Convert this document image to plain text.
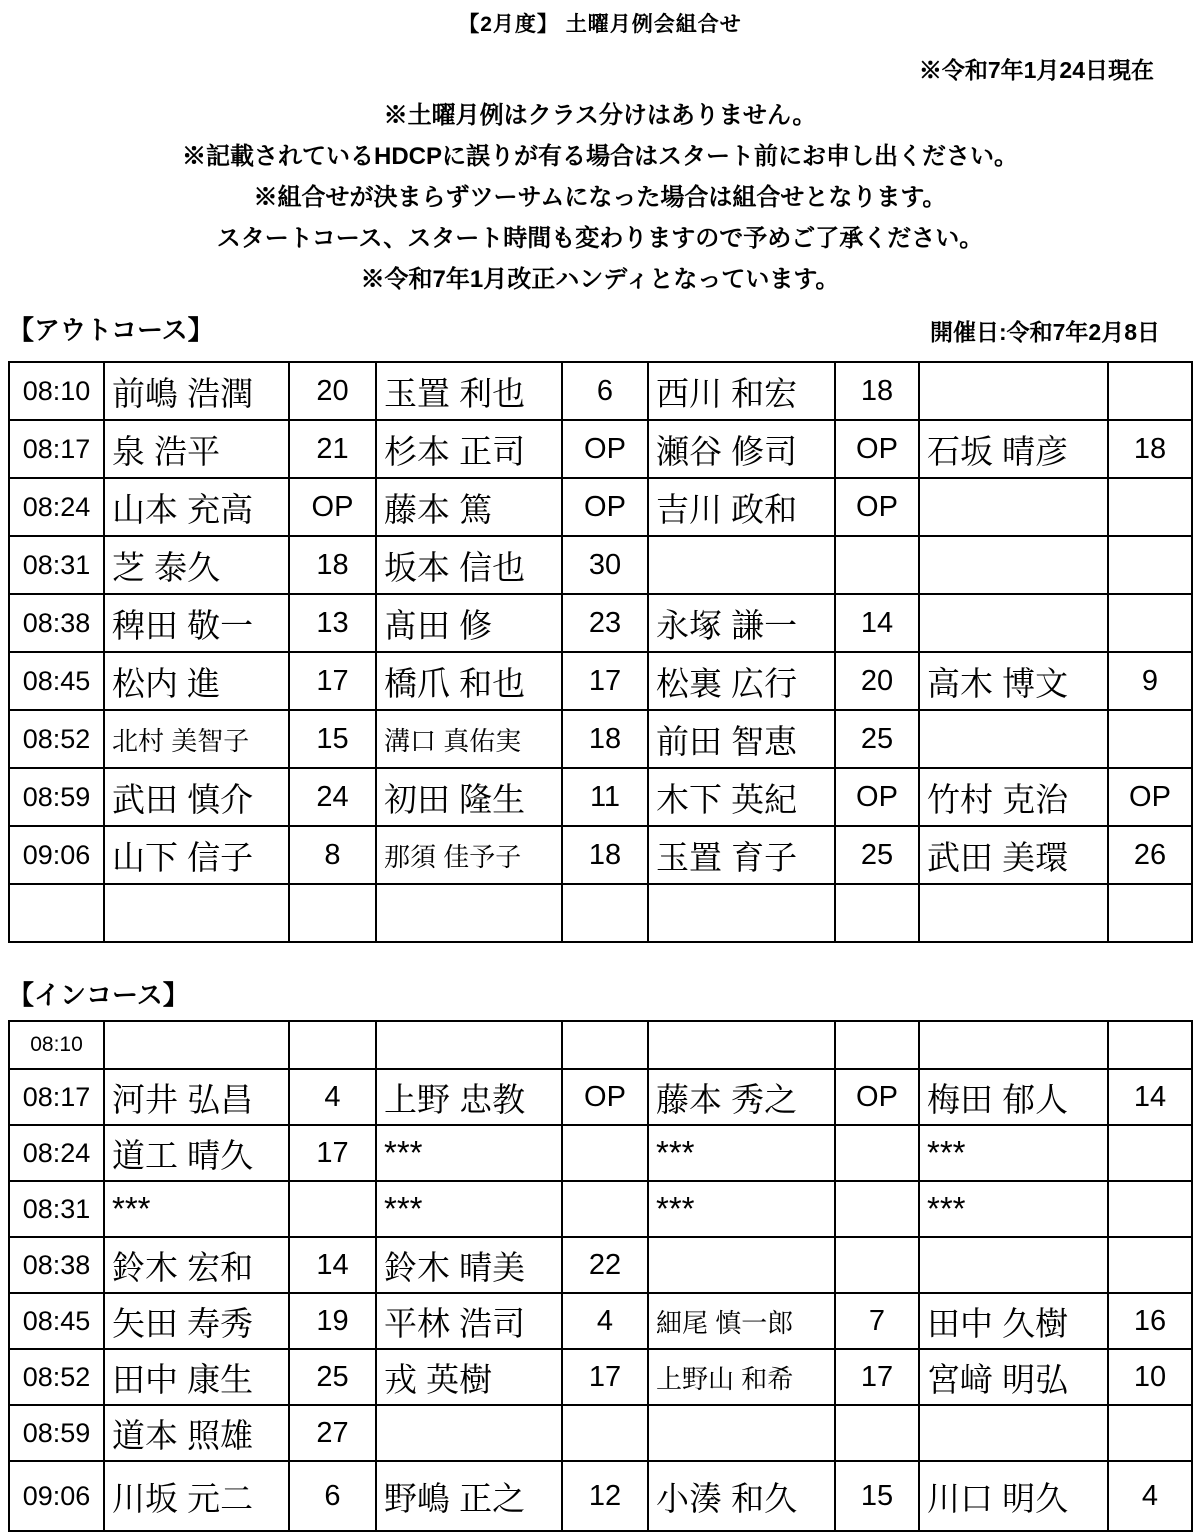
【2月度】 土曜月例会組合せ
※令和7年1月24日現在
※土曜月例はクラス分けはありません。
※記載されているHDCPに誤りが有る場合はスタート前にお申し出ください。
※組合せが決まらずツーサムになった場合は組合せとなります。
スタートコース、スタート時間も変わりますので予めご了承ください。
※令和7年1月改正ハンディとなっています。
【アウトコース】	開催日:令和7年2月8日
08:10	前嶋 浩潤	20	玉置 利也	6	西川 和宏	18		
08:17	泉 浩平	21	杉本 正司	OP	瀬谷 修司	OP	石坂 晴彦	18
08:24	山本 充高	OP	藤本 篤	OP	吉川 政和	OP		
08:31	芝 泰久	18	坂本 信也	30				
08:38	稗田 敬一	13	髙田 修	23	永塚 謙一	14		
08:45	松内 進	17	橋爪 和也	17	松裏 広行	20	高木 博文	9
08:52	北村 美智子	15	溝口 真佑実	18	前田 智恵	25		
08:59	武田 慎介	24	初田 隆生	11	木下 英紀	OP	竹村 克治	OP
09:06	山下 信子	8	那須 佳予子	18	玉置 育子	25	武田 美環	26

【インコース】
08:10								
08:17	河井 弘昌	4	上野 忠教	OP	藤本 秀之	OP	梅田 郁人	14
08:24	道工 晴久	17	***		***		***	
08:31	***		***		***		***	
08:38	鈴木 宏和	14	鈴木 晴美	22				
08:45	矢田 寿秀	19	平林 浩司	4	細尾 慎一郎	7	田中 久樹	16
08:52	田中 康生	25	戎 英樹	17	上野山 和希	17	宮﨑 明弘	10
08:59	道本 照雄	27						
09:06	川坂 元二	6	野嶋 正之	12	小湊 和久	15	川口 明久	4
